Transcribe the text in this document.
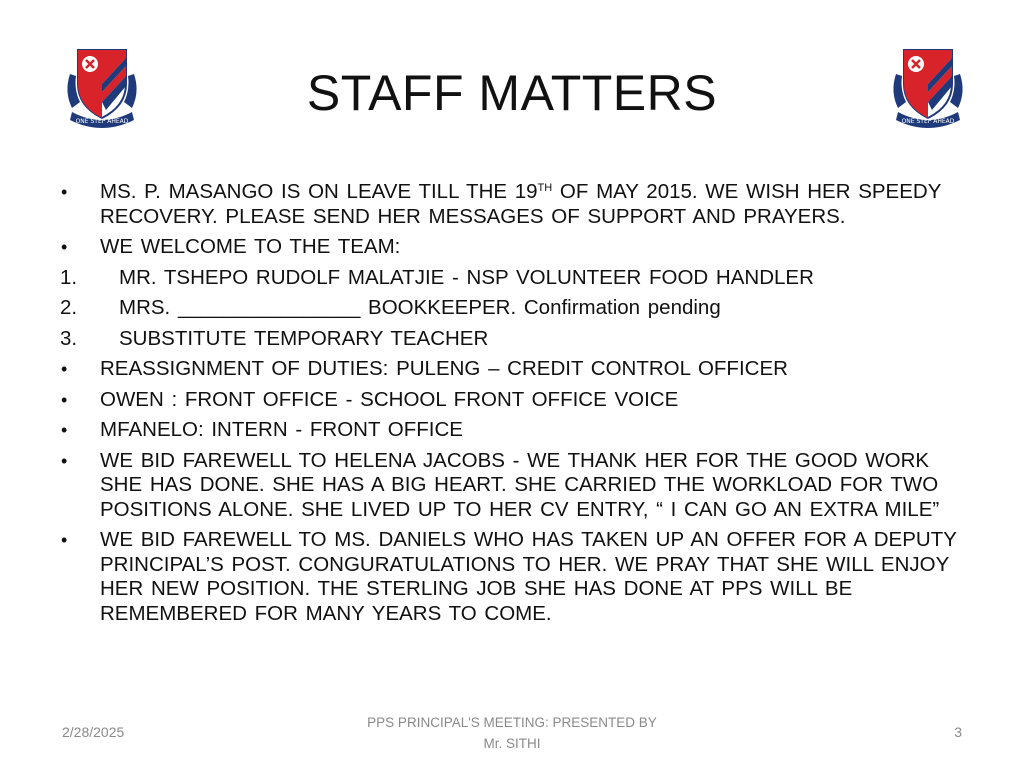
ONE STEP AHEAD	ONE STEP AHEAD
STAFF MATTERS
•	MS. P. MASANGO IS ON LEAVE TILL THE 19TH OF MAY 2015. WE WISH HER SPEEDY RECOVERY. PLEASE SEND HER MESSAGES OF SUPPORT AND PRAYERS.
•	WE WELCOME TO THE TEAM:
1.	MR. TSHEPO RUDOLF MALATJIE - NSP VOLUNTEER FOOD HANDLER
2.	MRS. ________________ BOOKKEEPER. Confirmation pending
3.	SUBSTITUTE TEMPORARY TEACHER
•	REASSIGNMENT OF DUTIES: PULENG – CREDIT CONTROL OFFICER
•	OWEN : FRONT OFFICE - SCHOOL FRONT OFFICE VOICE
•	MFANELO: INTERN - FRONT OFFICE
•	WE BID FAREWELL TO HELENA JACOBS - WE THANK HER FOR THE GOOD WORK SHE HAS DONE. SHE HAS A BIG HEART. SHE CARRIED THE WORKLOAD FOR TWO POSITIONS ALONE. SHE LIVED UP TO HER CV ENTRY, “ I CAN GO AN EXTRA MILE”
•	WE BID FAREWELL TO MS. DANIELS WHO HAS TAKEN UP AN OFFER FOR A DEPUTY PRINCIPAL’S POST. CONGURATULATIONS TO HER. WE PRAY THAT SHE WILL ENJOY HER NEW POSITION. THE STERLING JOB SHE HAS DONE AT PPS WILL BE REMEMBERED FOR MANY YEARS TO COME.
2/28/2025
PPS PRINCIPAL'S MEETING: PRESENTED BY
Mr. SITHI
3
